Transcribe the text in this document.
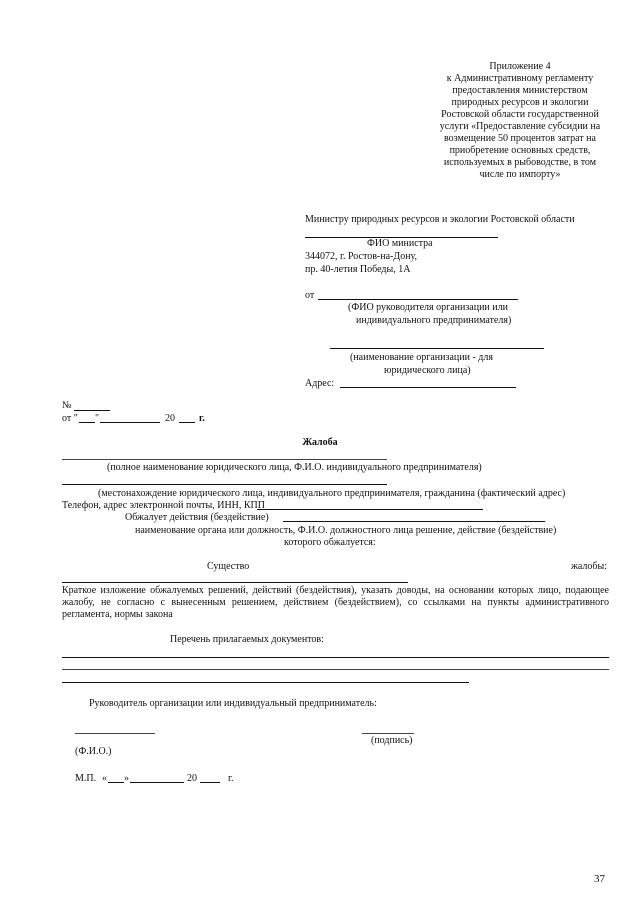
Приложение 4
к Административному регламенту
предоставления министерством
природных ресурсов и экологии
Ростовской области государственной
услуги «Предоставление субсидии на
возмещение 50 процентов затрат на
приобретение основных средств,
используемых в рыбоводстве, в том
числе по импорту»
Министру природных ресурсов и экологии Ростовской области
ФИО министра
344072, г. Ростов-на-Дону,
пр. 40-летия Победы, 1А
от
(ФИО руководителя организации или
индивидуального предпринимателя)
(наименование организации - для
юридического лица)
Адрес:
№
от " "	20 г.
Жалоба
(полное наименование юридического лица, Ф.И.О. индивидуального предпринимателя)
(местонахождение юридического лица, индивидуального предпринимателя, гражданина (фактический адрес)
Телефон, адрес электронной почты, ИНН, КПП
Обжалует действия (бездействие)
наименование органа или должность, Ф.И.О. должностного лица решение, действие (бездействие)
которого обжалуется:
Существо	жалобы:
Краткое изложение обжалуемых решений, действий (бездействия), указать доводы, на основании которых лицо, подающее жалобу, не согласно с вынесенным решением, действием (бездействием), со ссылками на пункты административного регламента, нормы закона
Перечень прилагаемых документов:
Руководитель организации или индивидуальный предприниматель:
(подпись)
(Ф.И.О.)
М.П. « »	20	г.
37
